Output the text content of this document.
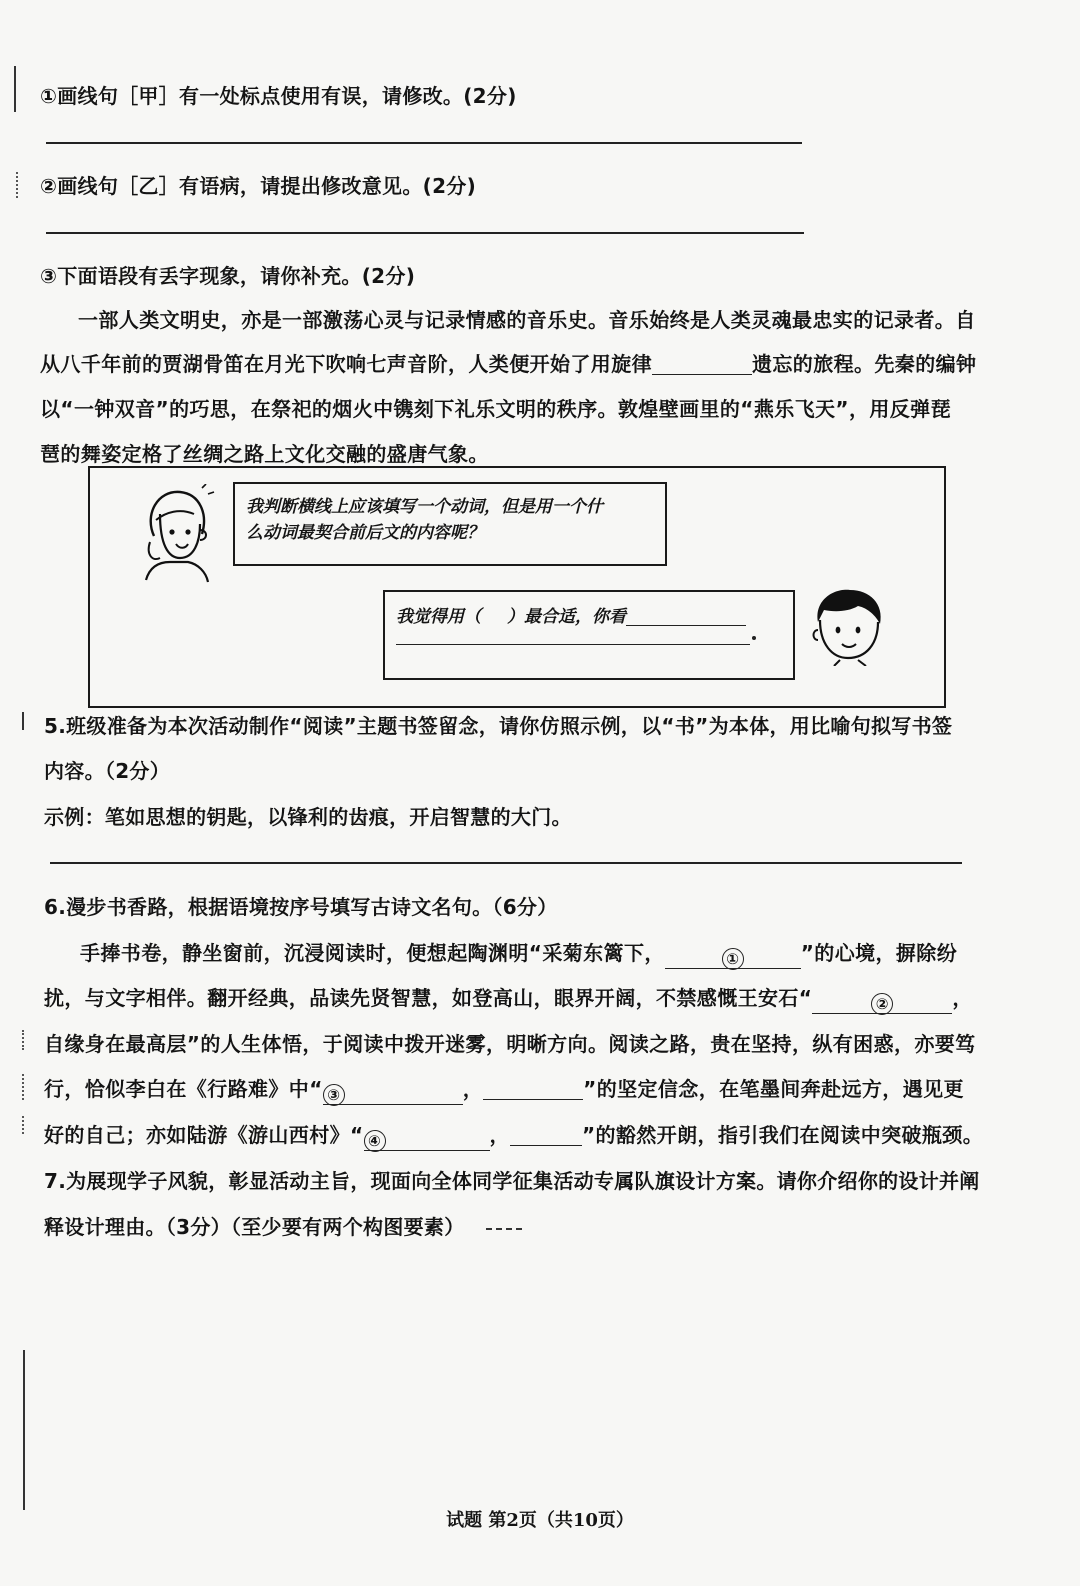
①画线句［甲］有一处标点使用有误，请修改。(2分)
②画线句［乙］有语病，请提出修改意见。(2分)
③下面语段有丢字现象，请你补充。(2分)
一部人类文明史，亦是一部激荡心灵与记录情感的音乐史。音乐始终是人类灵魂最忠实的记录者。自
从八千年前的贾湖骨笛在月光下吹响七声音阶，人类便开始了用旋律	遗忘的旅程。先秦的编钟
以“一钟双音”的巧思，在祭祀的烟火中镌刻下礼乐文明的秩序。敦煌壁画里的“燕乐飞天”，用反弹琵
琶的舞姿定格了丝绸之路上文化交融的盛唐气象。
我判断横线上应该填写一个动词，但是用一个什
么动词最契合前后文的内容呢？
我觉得用（ ）最合适，你看
5.班级准备为本次活动制作“阅读”主题书签留念，请你仿照示例，以“书”为本体，用比喻句拟写书签
内容。（2分）
示例：笔如思想的钥匙，以锋利的齿痕，开启智慧的大门。
6.漫步书香路，根据语境按序号填写古诗文名句。（6分）
手捧书卷，静坐窗前，沉浸阅读时，便想起陶渊明“采菊东篱下，	①	”的心境，摒除纷
扰，与文字相伴。翻开经典，品读先贤智慧，如登高山，眼界开阔，不禁感慨王安石“	②	，
自缘身在最高层”的人生体悟，于阅读中拨开迷雾，明晰方向。阅读之路，贵在坚持，纵有困惑，亦要笃
行，恰似李白在《行路难》中“ ③	，	”的坚定信念，在笔墨间奔赴远方，遇见更
好的自己；亦如陆游《游山西村》“ ④	，	”的豁然开朗，指引我们在阅读中突破瓶颈。
7.为展现学子风貌，彰显活动主旨，现面向全体同学征集活动专属队旗设计方案。请你介绍你的设计并阐
释设计理由。（3分）（至少要有两个构图要素）
试题 第2页（共10页）
